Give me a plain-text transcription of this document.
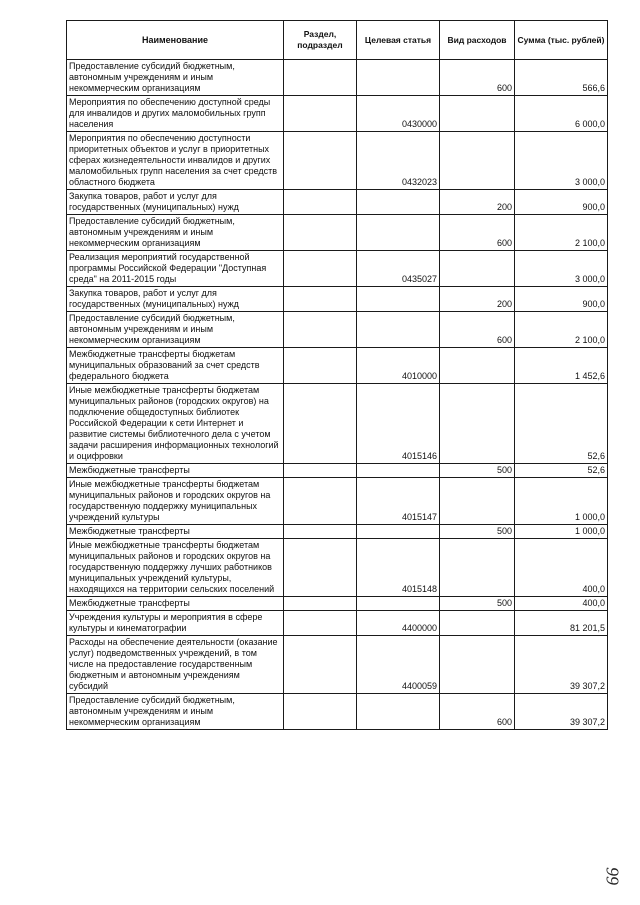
Наименование	Раздел, подраздел	Целевая статья	Вид расходов	Сумма (тыс. рублей)
Предоставление субсидий бюджетным, автономным учреждениям и иным некоммерческим организациям			600	566,6
Мероприятия по обеспечению доступной среды для инвалидов и других маломобильных групп населения		0430000		6 000,0
Мероприятия по обеспечению доступности приоритетных объектов и услуг в приоритетных сферах жизнедеятельности инвалидов и других маломобильных групп населения за счет средств областного бюджета		0432023		3 000,0
Закупка товаров, работ и услуг для государственных (муниципальных) нужд			200	900,0
Предоставление субсидий бюджетным, автономным учреждениям и иным некоммерческим организациям			600	2 100,0
Реализация мероприятий государственной программы Российской Федерации "Доступная среда" на 2011-2015 годы		0435027		3 000,0
Закупка товаров, работ и услуг для государственных (муниципальных) нужд			200	900,0
Предоставление субсидий бюджетным, автономным учреждениям и иным некоммерческим организациям			600	2 100,0
Межбюджетные трансферты бюджетам муниципальных образований за счет средств федерального бюджета		4010000		1 452,6
Иные межбюджетные трансферты бюджетам муниципальных районов (городских округов) на подключение общедоступных библиотек Российской Федерации к сети Интернет и развитие системы библиотечного дела с учетом задачи расширения информационных технологий и оцифровки		4015146		52,6
Межбюджетные трансферты			500	52,6
Иные межбюджетные трансферты бюджетам муниципальных районов и городских округов на государственную поддержку муниципальных учреждений культуры		4015147		1 000,0
Межбюджетные трансферты			500	1 000,0
Иные межбюджетные трансферты бюджетам муниципальных районов и городских округов на государственную поддержку лучших работников муниципальных учреждений культуры, находящихся на территории сельских поселений		4015148		400,0
Межбюджетные трансферты			500	400,0
Учреждения культуры и мероприятия в сфере культуры и кинематографии		4400000		81 201,5
Расходы на обеспечение деятельности (оказание услуг) подведомственных учреждений, в том числе на предоставление государственным бюджетным и автономным учреждениям субсидий		4400059		39 307,2
Предоставление субсидий бюджетным, автономным учреждениям и иным некоммерческим организациям			600	39 307,2
66
